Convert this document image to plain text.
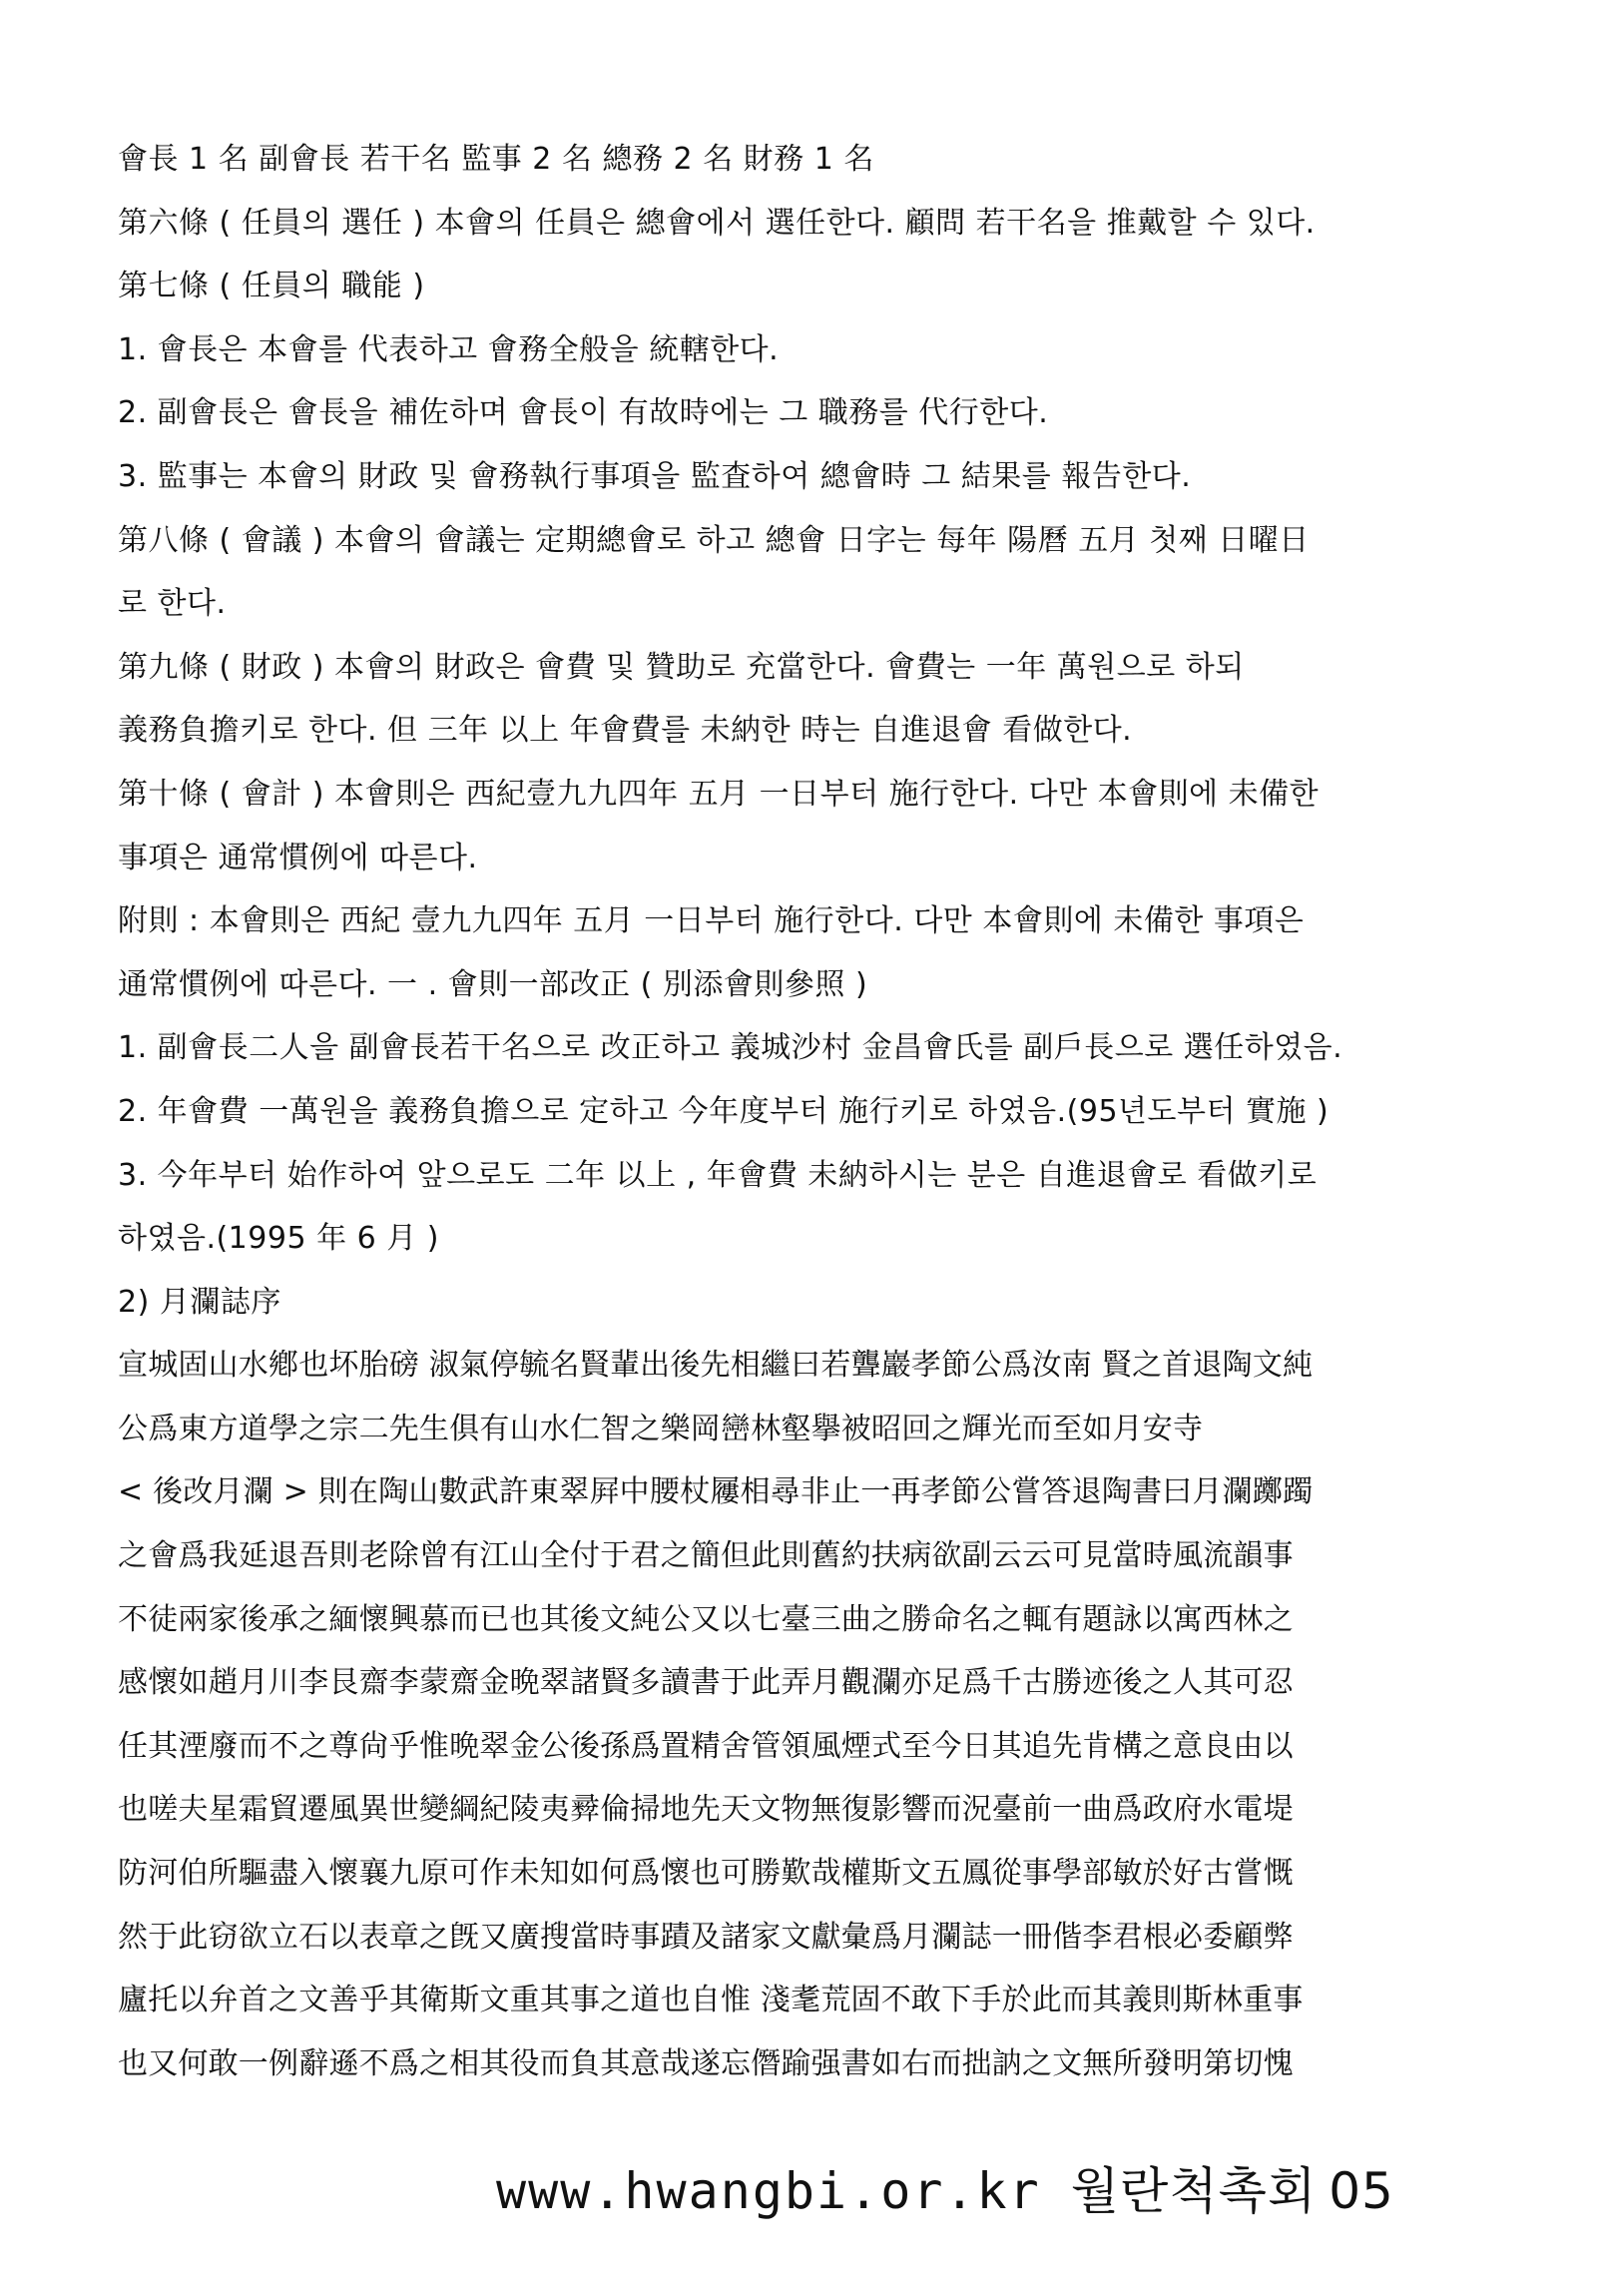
會長 1 名 副會長 若干名 監事 2 名 總務 2 名 財務 1 名
第六條 ( 任員의 選任 ) 本會의 任員은 總會에서 選任한다. 顧問 若干名을 推戴할 수 있다.
第七條 ( 任員의 職能 )
1. 會長은 本會를 代表하고 會務全般을 統轄한다.
2. 副會長은 會長을 補佐하며 會長이 有故時에는 그 職務를 代行한다.
3. 監事는 本會의 財政 및 會務執行事項을 監査하여 總會時 그 結果를 報告한다.
第八條 ( 會議 ) 本會의 會議는 定期總會로 하고 總會 日字는 每年 陽曆 五月 첫째 日曜日
로 한다.
第九條 ( 財政 ) 本會의 財政은 會費 및 贊助로 充當한다. 會費는 一年 萬원으로 하되
義務負擔키로 한다. 但 三年 以上 年會費를 未納한 時는 自進退會 看做한다.
第十條 ( 會計 ) 本會則은 西紀壹九九四年 五月 一日부터 施行한다. 다만 本會則에 未備한
事項은 通常慣例에 따른다.
附則 : 本會則은 西紀 壹九九四年 五月 一日부터 施行한다. 다만 本會則에 未備한 事項은
通常慣例에 따른다. 一 . 會則一部改正 ( 別添會則參照 )
1. 副會長二人을 副會長若干名으로 改正하고 義城沙村 金昌會氏를 副戶長으로 選任하였음.
2. 年會費 一萬원을 義務負擔으로 定하고 今年度부터 施行키로 하였음.(95년도부터 實施 )
3. 今年부터 始作하여 앞으로도 二年 以上 , 年會費 未納하시는 분은 自進退會로 看做키로
하였음.(1995 年 6 月 )
2) 月瀾誌序
宣城固山水鄕也坏胎磅 淑氣停毓名賢輩出後先相繼曰若聾巖孝節公爲汝南 賢之首退陶文純
公爲東方道學之宗二先生俱有山水仁智之樂岡巒林壑擧被昭回之輝光而至如月安寺
< 後改月瀾 > 則在陶山數武許東翠屛中腰杖屨相尋非止一再孝節公嘗答退陶書曰月瀾躑躅
之會爲我延退吾則老除曾有江山全付于君之簡但此則舊約扶病欲副云云可見當時風流韻事
不徒兩家後承之緬懷興慕而已也其後文純公又以七臺三曲之勝命名之輒有題詠以寓西林之
感懷如趙月川李艮齋李蒙齋金晩翠諸賢多讀書于此弄月觀瀾亦足爲千古勝迹後之人其可忍
任其湮廢而不之尊尙乎惟晩翠金公後孫爲置精舍管領風煙式至今日其追先肯構之意良由以
也嗟夫星霜貿遷風異世變綱紀陵夷彛倫掃地先天文物無復影響而況臺前一曲爲政府水電堤
防河伯所驅盡入懷襄九原可作未知如何爲懷也可勝歎哉權斯文五鳳從事學部敏於好古嘗慨
然于此窃欲立石以表章之旣又廣搜當時事蹟及諸家文獻彙爲月瀾誌一冊偕李君根必委顧弊
廬托以弁首之文善乎其衛斯文重其事之道也自惟 淺耄荒固不敢下手於此而其義則斯林重事
也又何敢一例辭遜不爲之相其役而負其意哉遂忘僭踰强書如右而拙訥之文無所發明第切愧
www.hwangbi.or.kr 월란척촉회 05
